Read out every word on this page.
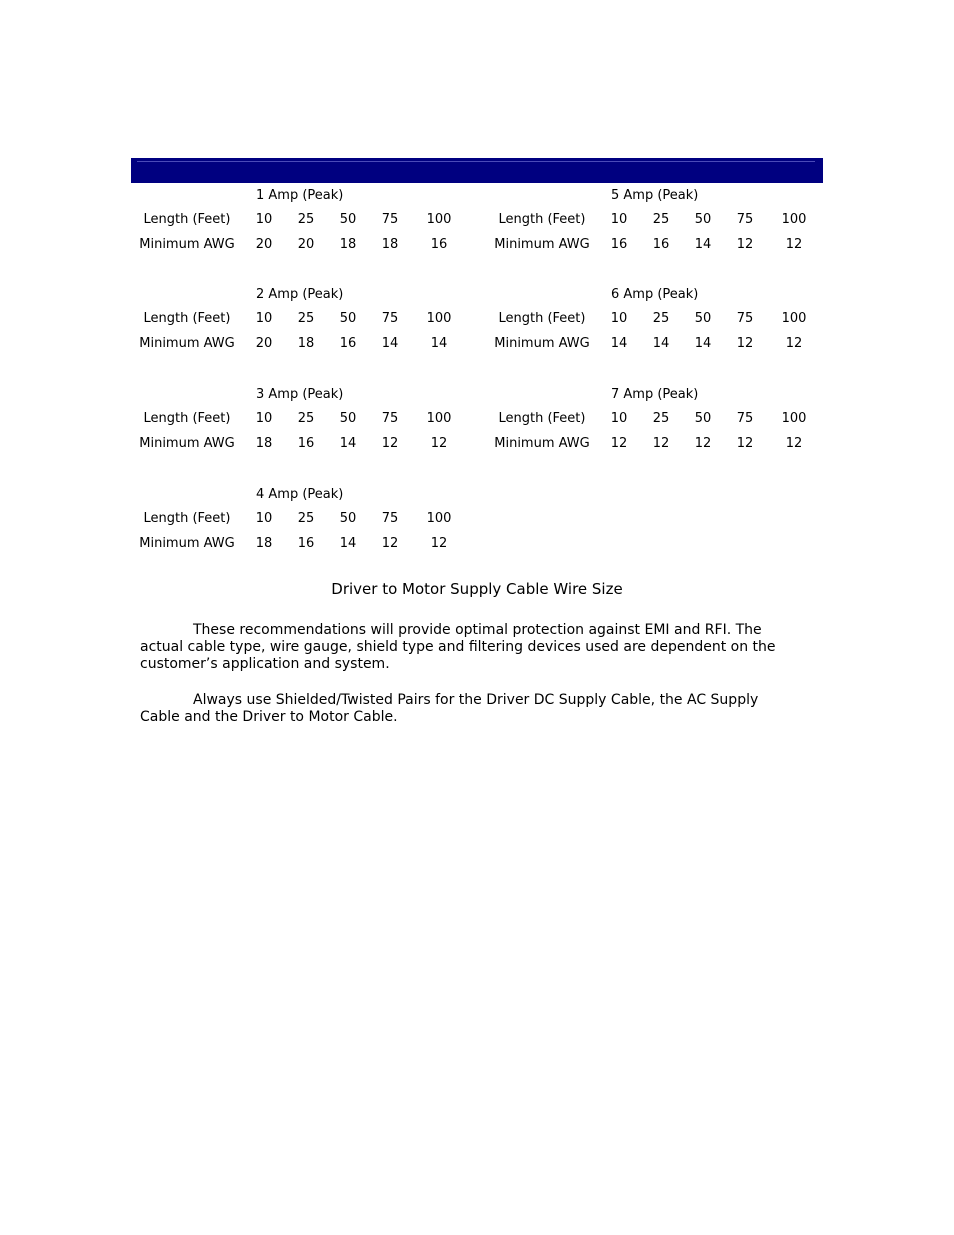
1 Amp (Peak)
Length (Feet)	10	25	50	75	100
Minimum AWG	20	20	18	18	16
2 Amp (Peak)
Length (Feet)	10	25	50	75	100
Minimum AWG	20	18	16	14	14
3 Amp (Peak)
Length (Feet)	10	25	50	75	100
Minimum AWG	18	16	14	12	12
4 Amp (Peak)
Length (Feet)	10	25	50	75	100
Minimum AWG	18	16	14	12	12
5 Amp (Peak)
Length (Feet)	10	25	50	75	100
Minimum AWG	16	16	14	12	12
6 Amp (Peak)
Length (Feet)	10	25	50	75	100
Minimum AWG	14	14	14	12	12
7 Amp (Peak)
Length (Feet)	10	25	50	75	100
Minimum AWG	12	12	12	12	12
Driver to Motor Supply Cable Wire Size
These recommendations will provide optimal protection against EMI and RFI. The actual cable type, wire gauge, shield type and filtering devices used are dependent on the customer’s application and system.
Always use Shielded/Twisted Pairs for the Driver DC Supply Cable, the AC Supply Cable and the Driver to Motor Cable.
